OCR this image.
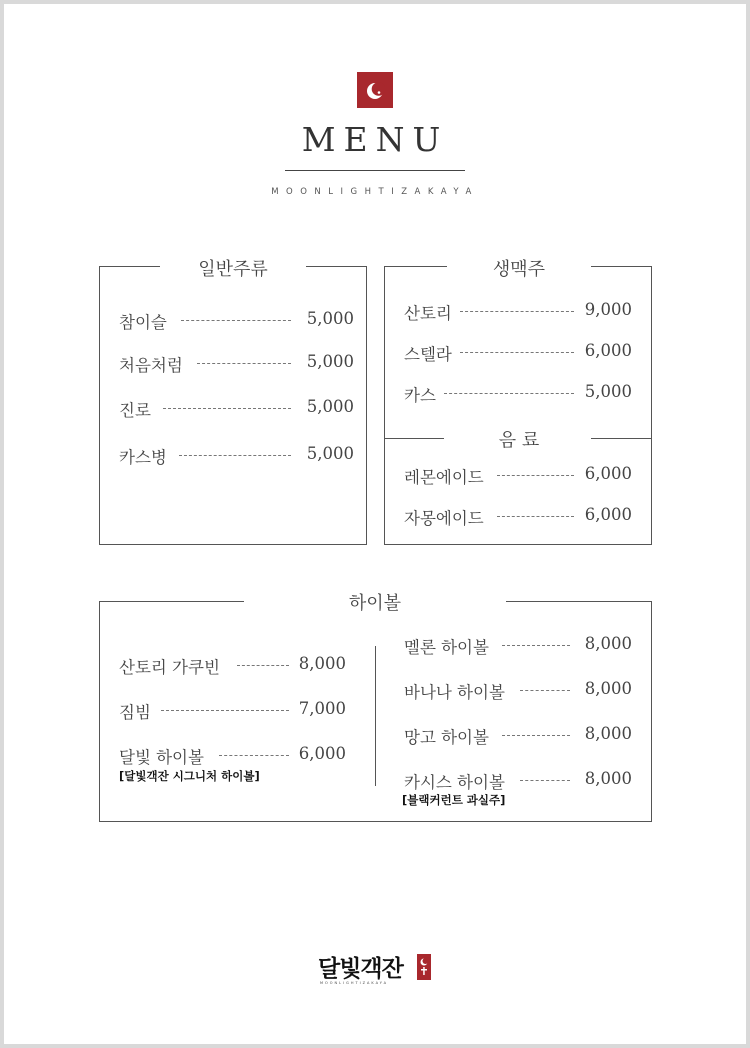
MENU
MOONLIGHTIZAKAYA
일반주류
참이슬	5,000
처음처럼	5,000
진로	5,000
카스병	5,000
생맥주
산토리	9,000
스텔라	6,000
카스	5,000
음 료
레몬에이드	6,000
자몽에이드	6,000
하이볼
산토리 가쿠빈	8,000
짐빔	7,000
달빛 하이볼	6,000
[달빛객잔 시그니처 하이볼]
멜론 하이볼	8,000
바나나 하이볼	8,000
망고 하이볼	8,000
카시스 하이볼	8,000
[블랙커런트 과실주]
달빛객잔
MOONLIGHTIZAKAYA
